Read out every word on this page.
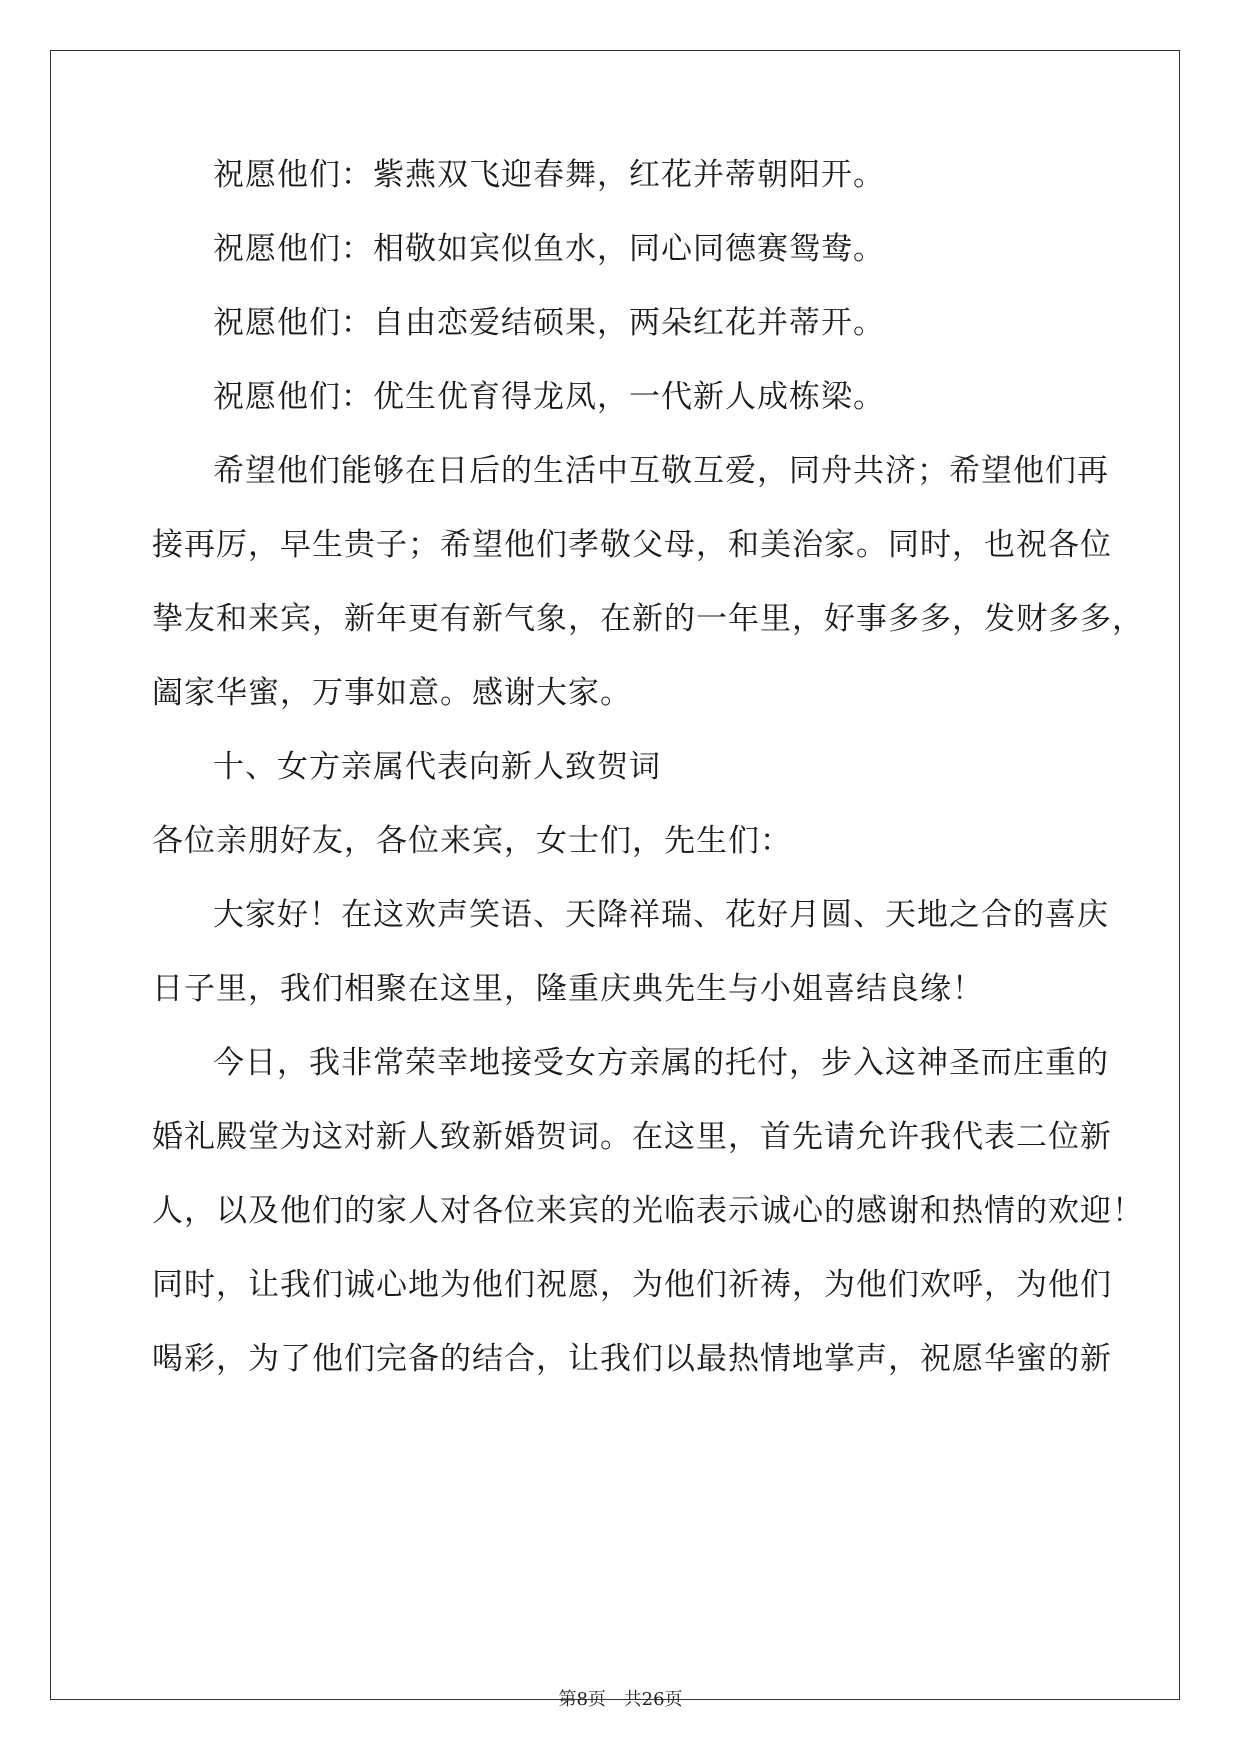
祝愿他们：紫燕双飞迎春舞，红花并蒂朝阳开。
祝愿他们：相敬如宾似鱼水，同心同德赛鸳鸯。
祝愿他们：自由恋爱结硕果，两朵红花并蒂开。
祝愿他们：优生优育得龙凤，一代新人成栋梁。
希望他们能够在日后的生活中互敬互爱，同舟共济；希望他们再
接再厉，早生贵子；希望他们孝敬父母，和美治家。同时，也祝各位
挚友和来宾，新年更有新气象，在新的一年里，好事多多，发财多多，
阖家华蜜，万事如意。感谢大家。
十、女方亲属代表向新人致贺词
各位亲朋好友，各位来宾，女士们，先生们：
大家好！在这欢声笑语、天降祥瑞、花好月圆、天地之合的喜庆
日子里，我们相聚在这里，隆重庆典先生与小姐喜结良缘！
今日，我非常荣幸地接受女方亲属的托付，步入这神圣而庄重的
婚礼殿堂为这对新人致新婚贺词。在这里，首先请允许我代表二位新
人，以及他们的家人对各位来宾的光临表示诚心的感谢和热情的欢迎！
同时，让我们诚心地为他们祝愿，为他们祈祷，为他们欢呼，为他们
喝彩，为了他们完备的结合，让我们以最热情地掌声，祝愿华蜜的新
第8页 共26页
